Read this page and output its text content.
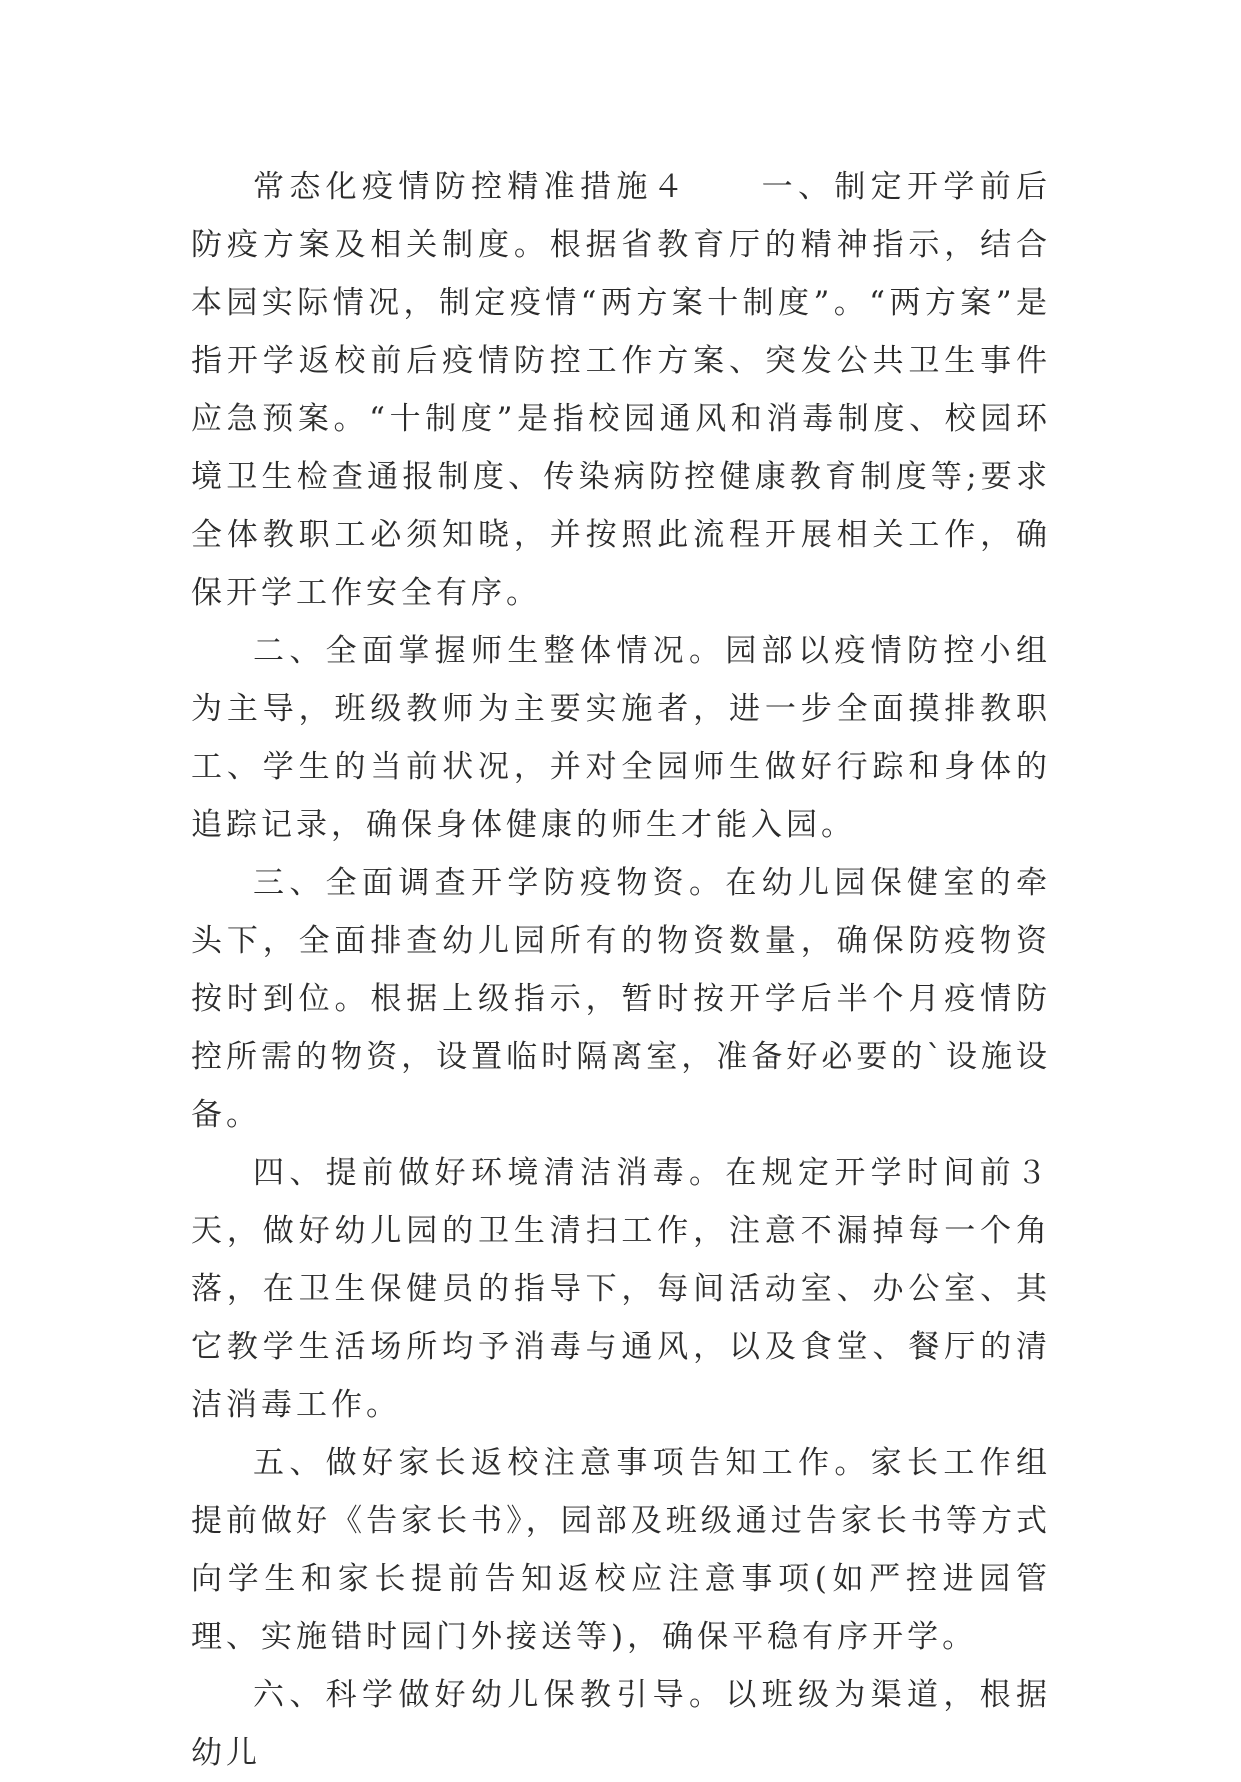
常态化疫情防控精准措施４　　一、制定开学前后防疫方案及相关制度。根据省教育厅的精神指示，结合本园实际情况，制定疫情“两方案十制度”。“两方案”是指开学返校前后疫情防控工作方案、突发公共卫生事件应急预案。“十制度”是指校园通风和消毒制度、校园环境卫生检查通报制度、传染病防控健康教育制度等;要求全体教职工必须知晓，并按照此流程开展相关工作，确保开学工作安全有序。

二、全面掌握师生整体情况。园部以疫情防控小组为主导，班级教师为主要实施者，进一步全面摸排教职工、学生的当前状况，并对全园师生做好行踪和身体的追踪记录，确保身体健康的师生才能入园。

三、全面调查开学防疫物资。在幼儿园保健室的牵头下，全面排查幼儿园所有的物资数量，确保防疫物资按时到位。根据上级指示，暂时按开学后半个月疫情防控所需的物资，设置临时隔离室，准备好必要的`设施设备。

四、提前做好环境清洁消毒。在规定开学时间前３天，做好幼儿园的卫生清扫工作，注意不漏掉每一个角落，在卫生保健员的指导下，每间活动室、办公室、其它教学生活场所均予消毒与通风，以及食堂、餐厅的清洁消毒工作。

五、做好家长返校注意事项告知工作。家长工作组提前做好《告家长书》，园部及班级通过告家长书等方式向学生和家长提前告知返校应注意事项(如严控进园管理、实施错时园门外接送等)，确保平稳有序开学。

六、科学做好幼儿保教引导。以班级为渠道，根据幼儿
